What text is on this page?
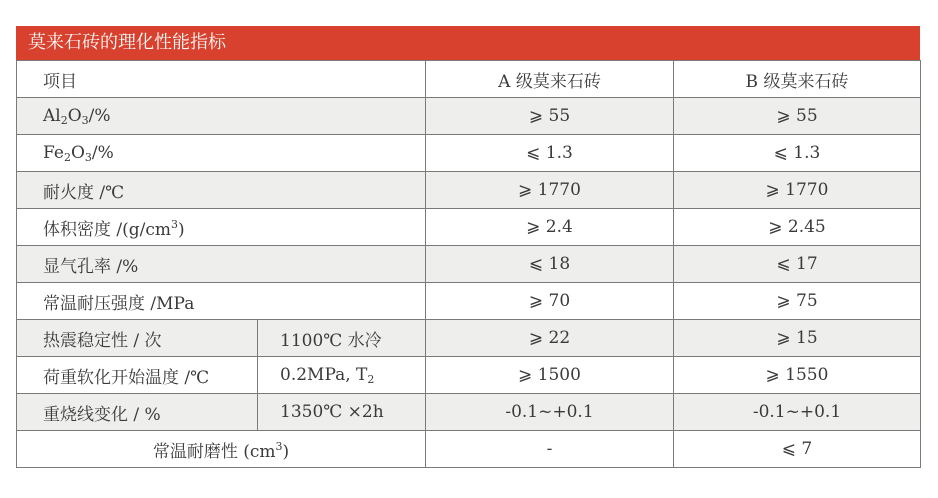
莫来石砖的理化性能指标
项目		A 级莫来石砖	B 级莫来石砖
$Al_2O_3/\%$		⩾ 55	⩾ 55
$Fe_2O_3/\%$		⩽ 1.3	⩽ 1.3
耐火度 /℃		⩾ 1770	⩾ 1770
体积密度 $/(g/cm^3)$		⩾ 2.4	⩾ 2.45
显气孔率 /%		⩽ 18	⩽ 17
常温耐压强度 /MPa		⩾ 70	⩾ 75
热震稳定性 / 次	1100℃ 水冷	⩾ 22	⩾ 15
荷重软化开始温度 /℃	0.2MPa, $T_2$	⩾ 1500	⩾ 1550
重烧线变化 / %	1350℃ ×2h	-0.1~+0.1	-0.1~+0.1
常温耐磨性 $(cm^3)$		-	⩽ 7
